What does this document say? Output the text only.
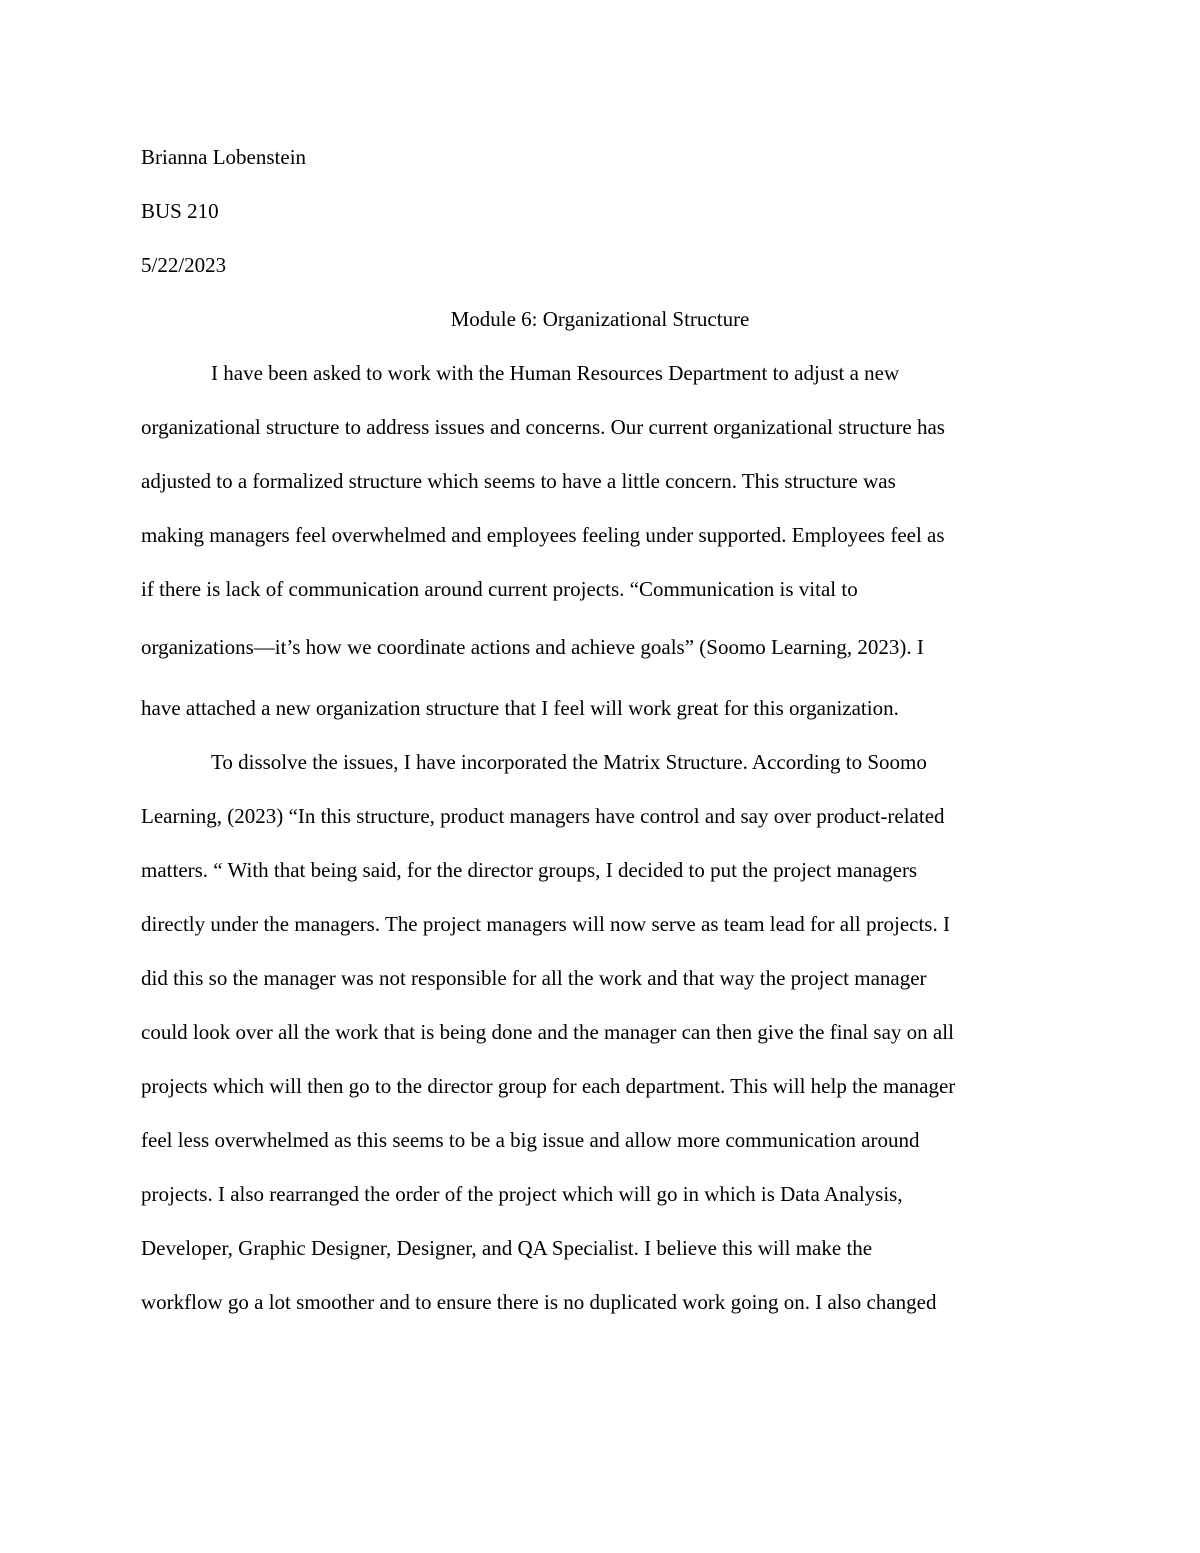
Brianna Lobenstein

BUS 210

5/22/2023

Module 6: Organizational Structure

I have been asked to work with the Human Resources Department to adjust a new

organizational structure to address issues and concerns. Our current organizational structure has

adjusted to a formalized structure which seems to have a little concern. This structure was

making managers feel overwhelmed and employees feeling under supported. Employees feel as

if there is lack of communication around current projects. “Communication is vital to

organizations—it’s how we coordinate actions and achieve goals” (Soomo Learning, 2023). I

have attached a new organization structure that I feel will work great for this organization.

To dissolve the issues, I have incorporated the Matrix Structure. According to Soomo

Learning, (2023) “In this structure, product managers have control and say over product-related

matters. “ With that being said, for the director groups, I decided to put the project managers

directly under the managers. The project managers will now serve as team lead for all projects. I

did this so the manager was not responsible for all the work and that way the project manager

could look over all the work that is being done and the manager can then give the final say on all

projects which will then go to the director group for each department. This will help the manager

feel less overwhelmed as this seems to be a big issue and allow more communication around

projects. I also rearranged the order of the project which will go in which is Data Analysis,

Developer, Graphic Designer, Designer, and QA Specialist. I believe this will make the

workflow go a lot smoother and to ensure there is no duplicated work going on. I also changed
